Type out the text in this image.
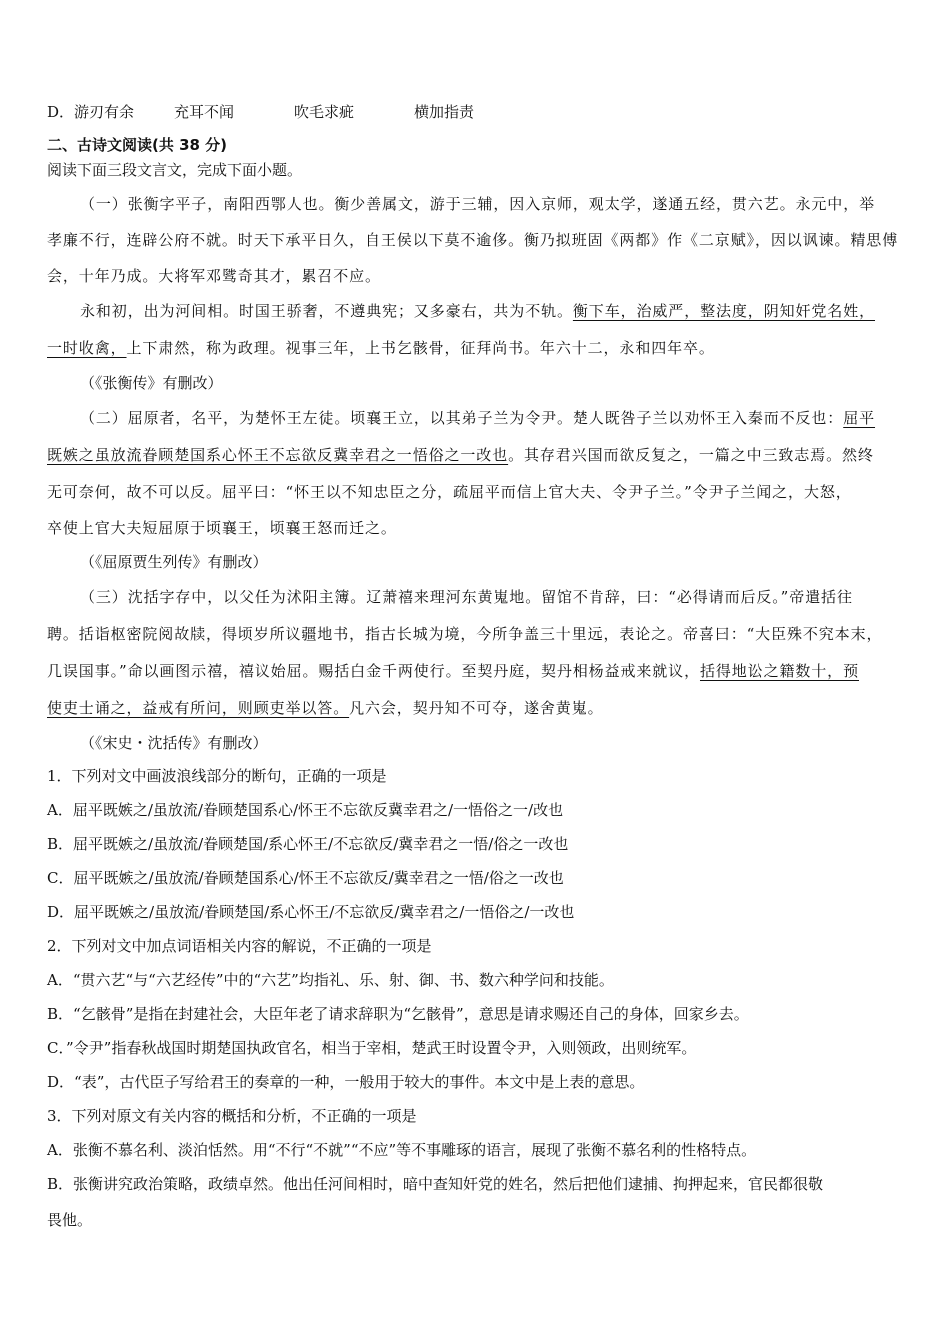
D．游刃有余	充耳不闻	吹毛求疵	横加指责
二、古诗文阅读(共 38 分)
阅读下面三段文言文，完成下面小题。
（一）张衡字平子，南阳西鄂人也。衡少善属文，游于三辅，因入京师，观太学，遂通五经，贯六艺。永元中，举
孝廉不行，连辟公府不就。时天下承平日久，自王侯以下莫不逾侈。衡乃拟班固《两都》作《二京赋》，因以讽谏。精思傅
会，十年乃成。大将军邓骘奇其才，累召不应。
永和初，出为河间相。时国王骄奢，不遵典宪；又多豪右，共为不轨。衡下车，治威严，整法度，阴知奸党名姓，
一时收禽，上下肃然，称为政理。视事三年，上书乞骸骨，征拜尚书。年六十二，永和四年卒。
（《张衡传》有删改）
（二）屈原者，名平，为楚怀王左徒。顷襄王立，以其弟子兰为令尹。楚人既咎子兰以劝怀王入秦而不反也：屈平
既嫉之虽放流眷顾楚国系心怀王不忘欲反冀幸君之一悟俗之一改也。其存君兴国而欲反复之，一篇之中三致志焉。然终
无可奈何，故不可以反。屈平曰：“怀王以不知忠臣之分，疏屈平而信上官大夫、令尹子兰。”令尹子兰闻之，大怒，
卒使上官大夫短屈原于顷襄王，顷襄王怒而迁之。
（《屈原贾生列传》有删改）
（三）沈括字存中，以父任为沭阳主簿。辽萧禧来理河东黄嵬地。留馆不肯辞，曰：“必得请而后反。”帝遣括往
聘。括诣枢密院阅故牍，得顷岁所议疆地书，指古长城为境，今所争盖三十里远，表论之。帝喜曰：“大臣殊不究本末，
几误国事。”命以画图示禧，禧议始屈。赐括白金千两使行。至契丹庭，契丹相杨益戒来就议，括得地讼之籍数十，预
使吏士诵之，益戒有所问，则顾吏举以答。凡六会，契丹知不可夺，遂舍黄嵬。
（《宋史・沈括传》有删改）
1．下列对文中画波浪线部分的断句，正确的一项是
A．屈平既嫉之/虽放流/眷顾楚国系心/怀王不忘欲反冀幸君之/一悟俗之一/改也
B．屈平既嫉之/虽放流/眷顾楚国/系心怀王/不忘欲反/冀幸君之一悟/俗之一改也
C．屈平既嫉之/虽放流/眷顾楚国系心/怀王不忘欲反/冀幸君之一悟/俗之一改也
D．屈平既嫉之/虽放流/眷顾楚国/系心怀王/不忘欲反/冀幸君之/一悟俗之/一改也
2．下列对文中加点词语相关内容的解说，不正确的一项是
A．“贯六艺“与“六艺经传”中的“六艺”均指礼、乐、射、御、书、数六种学问和技能。
B．“乞骸骨”是指在封建社会，大臣年老了请求辞职为“乞骸骨”，意思是请求赐还自己的身体，回家乡去。
C．”令尹”指春秋战国时期楚国执政官名，相当于宰相，楚武王时设置令尹，入则领政，出则统军。
D．“表”，古代臣子写给君王的奏章的一种，一般用于较大的事件。本文中是上表的意思。
3．下列对原文有关内容的概括和分析，不正确的一项是
A．张衡不慕名利、淡泊恬然。用“不行“不就”“不应”等不事雕琢的语言，展现了张衡不慕名利的性格特点。
B．张衡讲究政治策略，政绩卓然。他出任河间相时，暗中查知奸党的姓名，然后把他们逮捕、拘押起来，官民都很敬
畏他。
